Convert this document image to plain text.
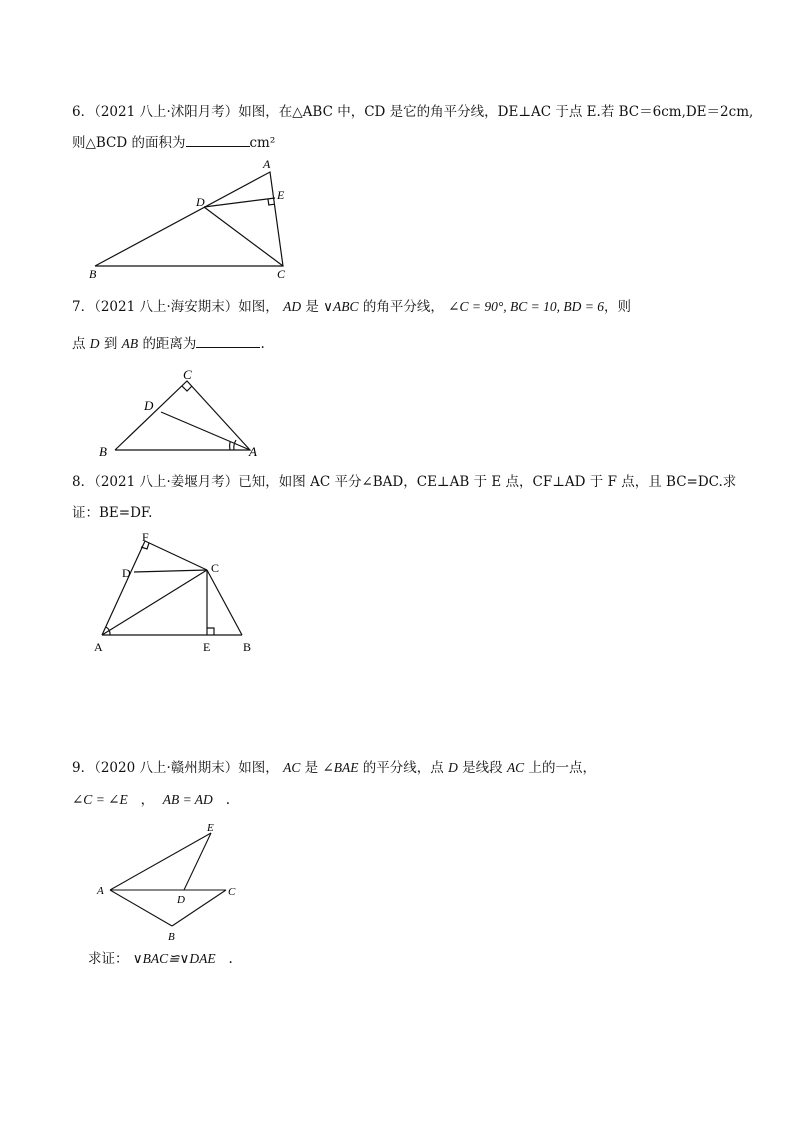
6．（2021 八上·沭阳月考）如图，在△ABC 中，CD 是它的角平分线，DE⊥AC 于点 E.若 BC＝6cm,DE＝2cm,
则△BCD 的面积为	cm²
A
B	C
D	E
7．（2021 八上·海安期末）如图， AD 是 ∨ABC 的角平分线， ∠C = 90°, BC = 10, BD = 6，则
点 D 到 AB 的距离为	.
C
D
B	A
8．（2021 八上·姜堰月考）已知，如图 AC 平分∠BAD，CE⊥AB 于 E 点，CF⊥AD 于 F 点，且 BC=DC.求
证：BE=DF.
F
D	C
A	E	B
9．（2020 八上·赣州期末）如图， AC 是 ∠BAE 的平分线，点 D 是线段 AC 上的一点，
∠C = ∠E ， AB = AD .
E
A
D
C
B
求证： ∨BAC≌∨DAE .
